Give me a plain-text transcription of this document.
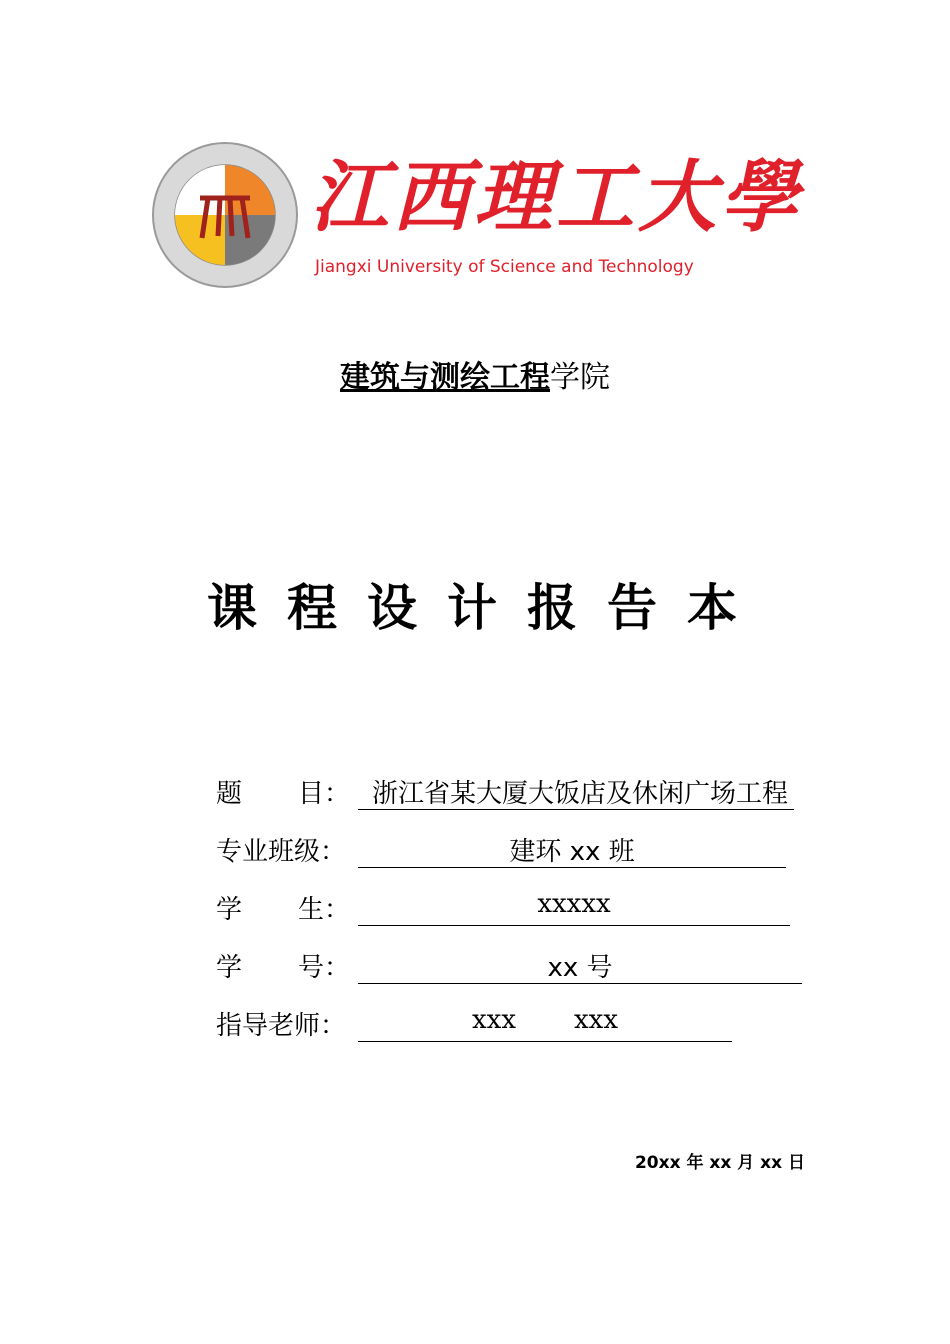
江西理工大學
Jiangxi University of Science and Technology
建筑与测绘工程学院
课程设计报告本
题 目： 浙江省某大厦大饭店及休闲广场工程
专业班级：	建环 xx 班
学 生：	xxxxx
学 号：	xx 号
指导老师：	xxx xxx
20xx 年 xx 月 xx 日
